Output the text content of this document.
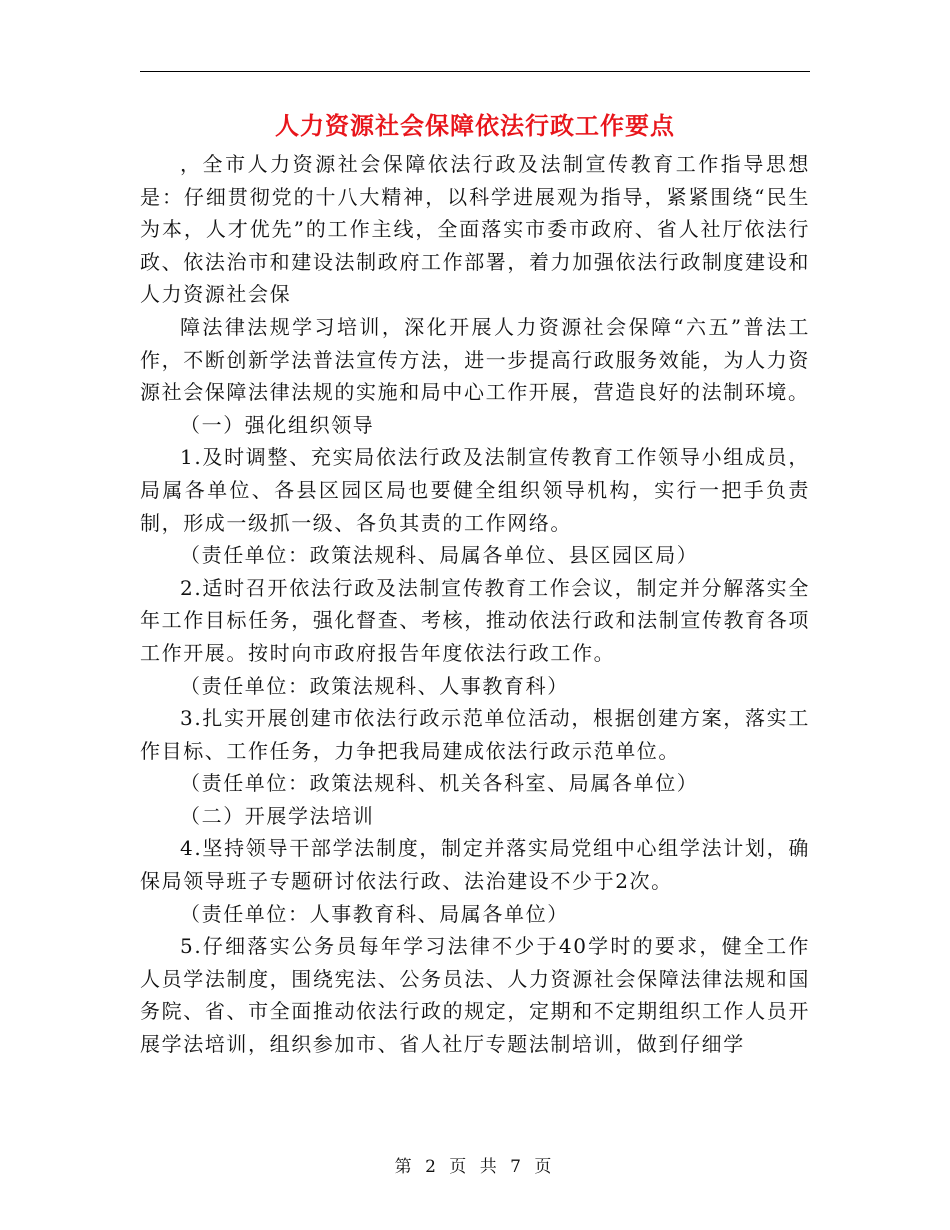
人力资源社会保障依法行政工作要点

，全市人力资源社会保障依法行政及法制宣传教育工作指导思想是：仔细贯彻党的十八大精神，以科学进展观为指导，紧紧围绕“民生为本，人才优先”的工作主线，全面落实市委市政府、省人社厅依法行政、依法治市和建设法制政府工作部署，着力加强依法行政制度建设和人力资源社会保

障法律法规学习培训，深化开展人力资源社会保障“六五”普法工作，不断创新学法普法宣传方法，进一步提高行政服务效能，为人力资源社会保障法律法规的实施和局中心工作开展，营造良好的法制环境。

（一）强化组织领导

1.及时调整、充实局依法行政及法制宣传教育工作领导小组成员，局属各单位、各县区园区局也要健全组织领导机构，实行一把手负责制，形成一级抓一级、各负其责的工作网络。

（责任单位：政策法规科、局属各单位、县区园区局）

2.适时召开依法行政及法制宣传教育工作会议，制定并分解落实全年工作目标任务，强化督查、考核，推动依法行政和法制宣传教育各项工作开展。按时向市政府报告年度依法行政工作。

（责任单位：政策法规科、人事教育科）

3.扎实开展创建市依法行政示范单位活动，根据创建方案，落实工作目标、工作任务，力争把我局建成依法行政示范单位。

（责任单位：政策法规科、机关各科室、局属各单位）

（二）开展学法培训

4.坚持领导干部学法制度，制定并落实局党组中心组学法计划，确保局领导班子专题研讨依法行政、法治建设不少于2次。

（责任单位：人事教育科、局属各单位）

5.仔细落实公务员每年学习法律不少于40学时的要求，健全工作人员学法制度，围绕宪法、公务员法、人力资源社会保障法律法规和国务院、省、市全面推动依法行政的规定，定期和不定期组织工作人员开展学法培训，组织参加市、省人社厅专题法制培训，做到仔细学

第 2 页 共 7 页
